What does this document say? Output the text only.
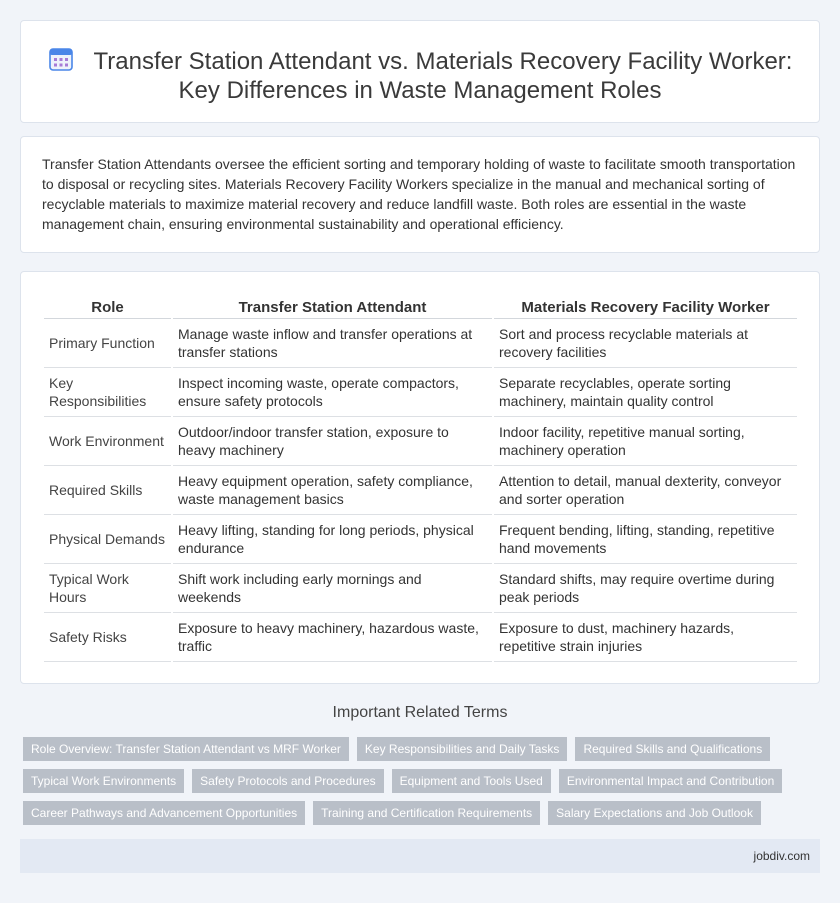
Transfer Station Attendant vs. Materials Recovery Facility Worker: Key Differences in Waste Management Roles

Transfer Station Attendants oversee the efficient sorting and temporary holding of waste to facilitate smooth transportation to disposal or recycling sites. Materials Recovery Facility Workers specialize in the manual and mechanical sorting of recyclable materials to maximize material recovery and reduce landfill waste. Both roles are essential in the waste management chain, ensuring environmental sustainability and operational efficiency.

Role	Transfer Station Attendant	Materials Recovery Facility Worker
Primary Function	Manage waste inflow and transfer operations at transfer stations	Sort and process recyclable materials at recovery facilities
Key Responsibilities	Inspect incoming waste, operate compactors, ensure safety protocols	Separate recyclables, operate sorting machinery, maintain quality control
Work Environment	Outdoor/indoor transfer station, exposure to heavy machinery	Indoor facility, repetitive manual sorting, machinery operation
Required Skills	Heavy equipment operation, safety compliance, waste management basics	Attention to detail, manual dexterity, conveyor and sorter operation
Physical Demands	Heavy lifting, standing for long periods, physical endurance	Frequent bending, lifting, standing, repetitive hand movements
Typical Work Hours	Shift work including early mornings and weekends	Standard shifts, may require overtime during peak periods
Safety Risks	Exposure to heavy machinery, hazardous waste, traffic	Exposure to dust, machinery hazards, repetitive strain injuries
Important Related Terms
Role Overview: Transfer Station Attendant vs MRF Worker	Key Responsibilities and Daily Tasks	Required Skills and Qualifications
Typical Work Environments	Safety Protocols and Procedures	Equipment and Tools Used	Environmental Impact and Contribution
Career Pathways and Advancement Opportunities	Training and Certification Requirements	Salary Expectations and Job Outlook
jobdiv.com
